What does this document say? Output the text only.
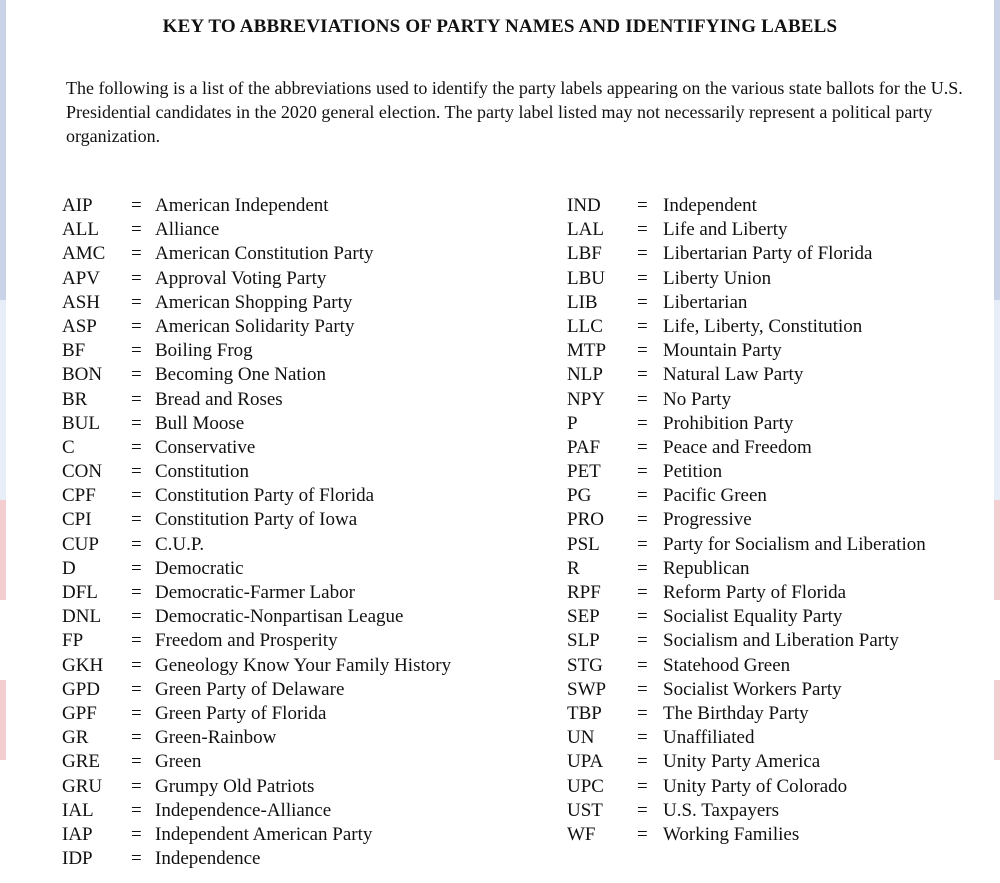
KEY TO ABBREVIATIONS OF PARTY NAMES AND IDENTIFYING LABELS
The following is a list of the abbreviations used to identify the party labels appearing on the various state ballots for the U.S. Presidential candidates in the 2020 general election. The party label listed may not necessarily represent a political party organization.
AIP = American Independent
ALL = Alliance
AMC = American Constitution Party
APV = Approval Voting Party
ASH = American Shopping Party
ASP = American Solidarity Party
BF = Boiling Frog
BON = Becoming One Nation
BR = Bread and Roses
BUL = Bull Moose
C	= Conservative
CON = Constitution
CPF = Constitution Party of Florida
CPI = Constitution Party of Iowa
CUP = C.U.P.
D	= Democratic
DFL = Democratic-Farmer Labor
DNL = Democratic-Nonpartisan League
FP	= Freedom and Prosperity
GKH = Geneology Know Your Family History
GPD = Green Party of Delaware
GPF = Green Party of Florida
GR = Green-Rainbow
GRE = Green
GRU = Grumpy Old Patriots
IAL = Independence-Alliance
IAP = Independent American Party
IDP = Independence
IND = Independent
LAL = Life and Liberty
LBF = Libertarian Party of Florida
LBU = Liberty Union
LIB = Libertarian
LLC = Life, Liberty, Constitution
MTP = Mountain Party
NLP = Natural Law Party
NPY = No Party
P	= Prohibition Party
PAF = Peace and Freedom
PET = Petition
PG = Pacific Green
PRO = Progressive
PSL = Party for Socialism and Liberation
R	= Republican
RPF = Reform Party of Florida
SEP = Socialist Equality Party
SLP = Socialism and Liberation Party
STG = Statehood Green
SWP = Socialist Workers Party
TBP = The Birthday Party
UN = Unaffiliated
UPA = Unity Party America
UPC = Unity Party of Colorado
UST = U.S. Taxpayers
WF = Working Families
